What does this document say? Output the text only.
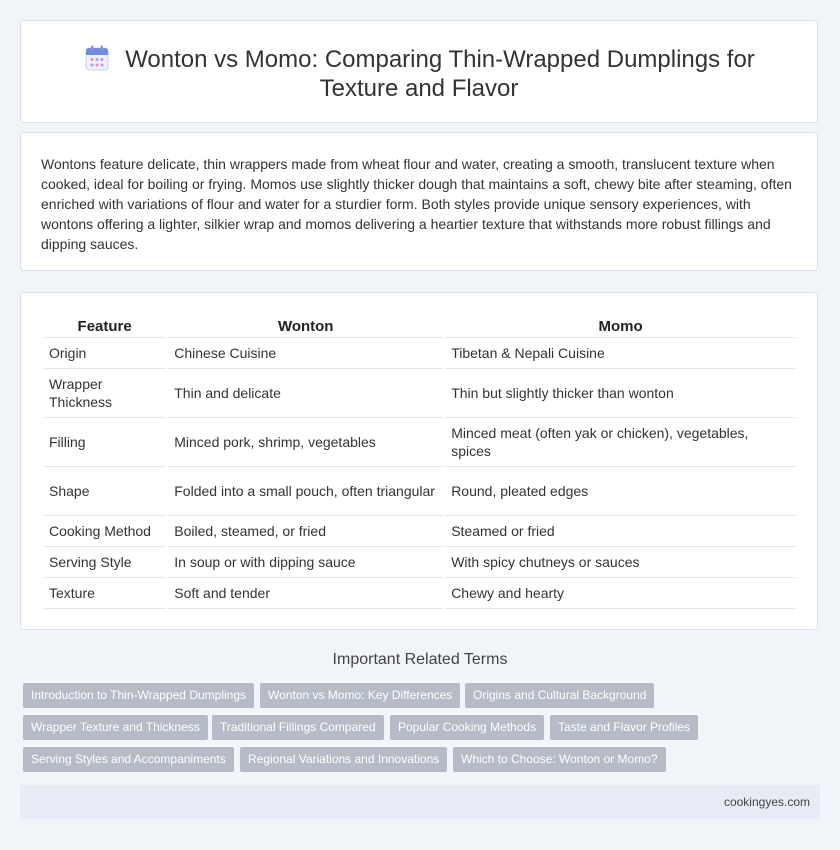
Wonton vs Momo: Comparing Thin-Wrapped Dumplings for
Texture and Flavor

Wontons feature delicate, thin wrappers made from wheat flour and water, creating a smooth, translucent texture when cooked, ideal for boiling or frying. Momos use slightly thicker dough that maintains a soft, chewy bite after steaming, often enriched with variations of flour and water for a sturdier form. Both styles provide unique sensory experiences, with wontons offering a lighter, silkier wrap and momos delivering a heartier texture that withstands more robust fillings and dipping sauces.

Feature	Wonton	Momo
Origin	Chinese Cuisine	Tibetan & Nepali Cuisine
Wrapper Thickness	Thin and delicate	Thin but slightly thicker than wonton
Filling	Minced pork, shrimp, vegetables	Minced meat (often yak or chicken), vegetables, spices
Shape	Folded into a small pouch, often triangular	Round, pleated edges
Cooking Method	Boiled, steamed, or fried	Steamed or fried
Serving Style	In soup or with dipping sauce	With spicy chutneys or sauces
Texture	Soft and tender	Chewy and hearty
Important Related Terms
Introduction to Thin-Wrapped Dumplings	Wonton vs Momo: Key Differences	Origins and Cultural Background
Wrapper Texture and Thickness	Traditional Fillings Compared	Popular Cooking Methods	Taste and Flavor Profiles
Serving Styles and Accompaniments	Regional Variations and Innovations	Which to Choose: Wonton or Momo?
cookingyes.com
